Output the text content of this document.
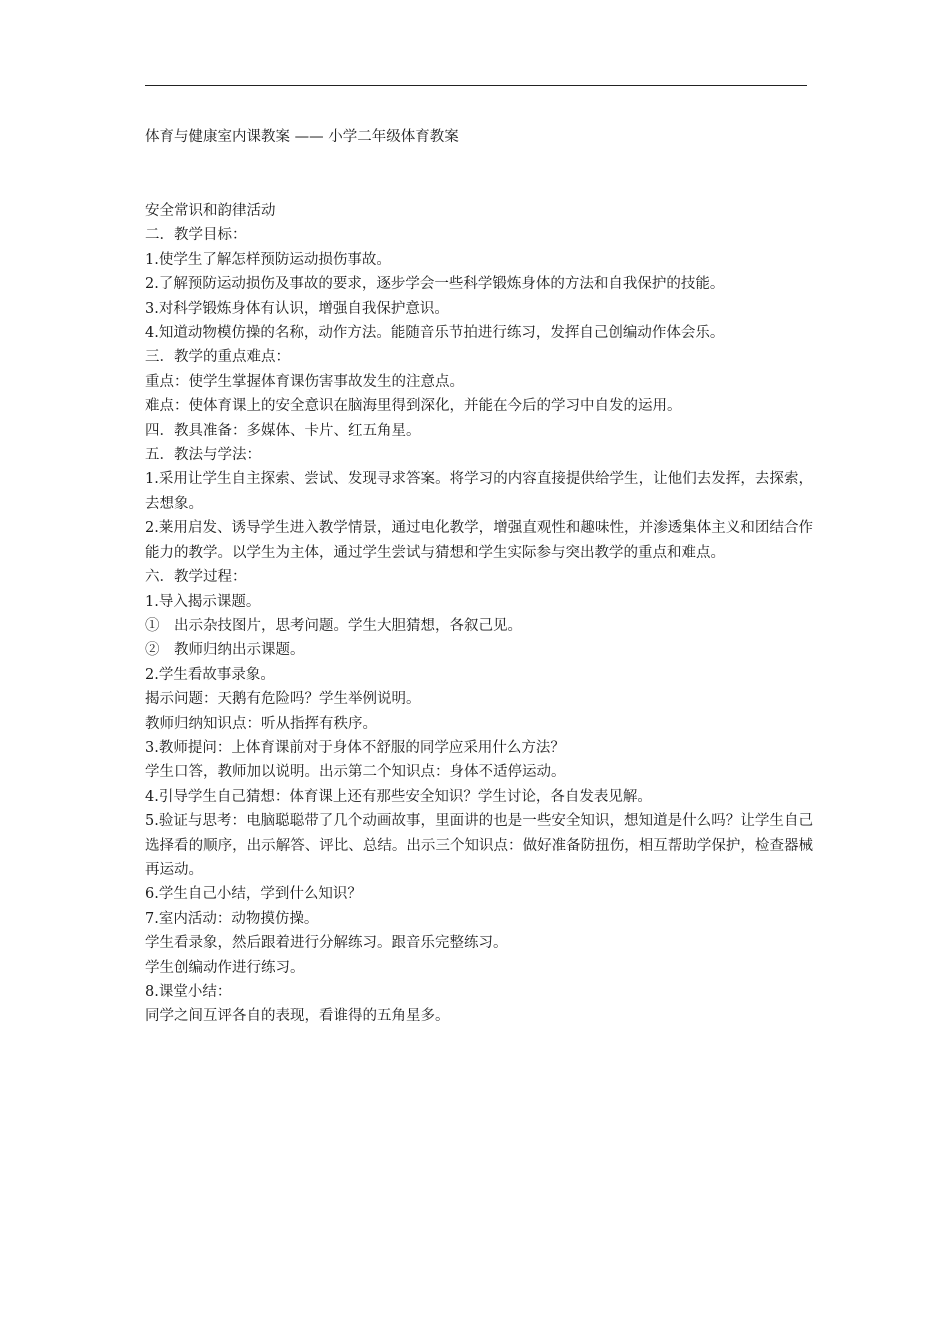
体育与健康室内课教案 —— 小学二年级体育教案
安全常识和韵律活动
二．教学目标：
1.使学生了解怎样预防运动损伤事故。
2.了解预防运动损伤及事故的要求，逐步学会一些科学锻炼身体的方法和自我保护的技能。
3.对科学锻炼身体有认识，增强自我保护意识。
4.知道动物模仿操的名称，动作方法。能随音乐节拍进行练习，发挥自己创编动作体会乐。
三．教学的重点难点：
重点：使学生掌握体育课伤害事故发生的注意点。
难点：使体育课上的安全意识在脑海里得到深化，并能在今后的学习中自发的运用。
四．教具准备：多媒体、卡片、红五角星。
五．教法与学法：
1.采用让学生自主探索、尝试、发现寻求答案。将学习的内容直接提供给学生，让他们去发挥，去探索，去想象。
2.莱用启发、诱导学生进入教学情景，通过电化教学，增强直观性和趣味性，并渗透集体主义和团结合作能力的教学。以学生为主体，通过学生尝试与猜想和学生实际参与突出教学的重点和难点。
六．教学过程：
1.导入揭示课题。
①　出示杂技图片，思考问题。学生大胆猜想，各叙己见。
②　教师归纳出示课题。
2.学生看故事录象。
揭示问题：天鹅有危险吗？学生举例说明。
教师归纳知识点：听从指挥有秩序。
3.教师提问：上体育课前对于身体不舒服的同学应采用什么方法？
学生口答，教师加以说明。出示第二个知识点：身体不适停运动。
4.引导学生自己猜想：体育课上还有那些安全知识？学生讨论，各自发表见解。
5.验证与思考：电脑聪聪带了几个动画故事，里面讲的也是一些安全知识，想知道是什么吗？让学生自己选择看的顺序，出示解答、评比、总结。出示三个知识点：做好准备防扭伤，相互帮助学保护，检查器械再运动。
6.学生自己小结，学到什么知识？
7.室内活动：动物摸仿操。
学生看录象，然后跟着进行分解练习。跟音乐完整练习。
学生创编动作进行练习。
8.课堂小结：
同学之间互评各自的表现，看谁得的五角星多。
